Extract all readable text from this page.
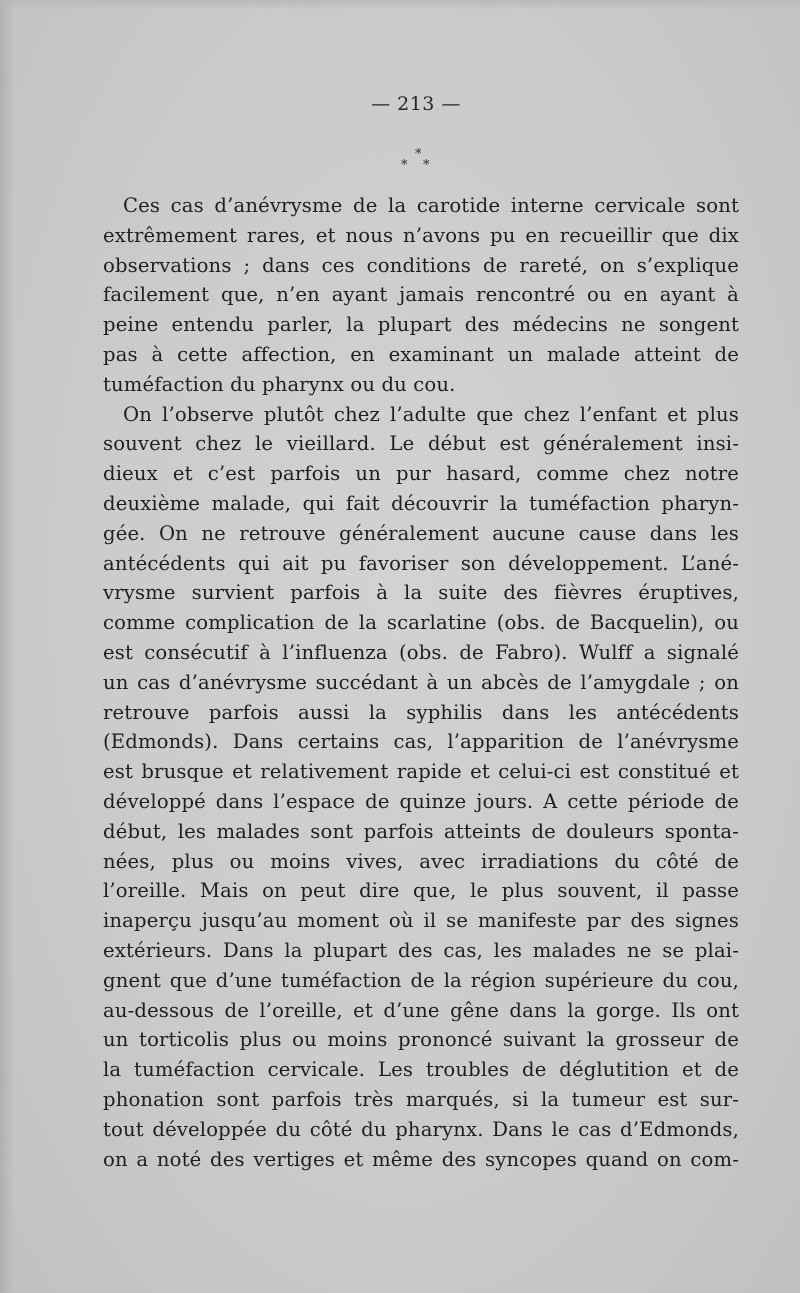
— 213 —
*
* *
Ces cas d’anévrysme de la carotide interne cervicale sont
extrêmement rares, et nous n’avons pu en recueillir que dix
observations ; dans ces conditions de rareté, on s’explique
facilement que, n’en ayant jamais rencontré ou en ayant à
peine entendu parler, la plupart des médecins ne songent
pas à cette affection, en examinant un malade atteint de
tuméfaction du pharynx ou du cou.
On l’observe plutôt chez l’adulte que chez l’enfant et plus
souvent chez le vieillard. Le début est généralement insi-
dieux et c’est parfois un pur hasard, comme chez notre
deuxième malade, qui fait découvrir la tuméfaction pharyn-
gée. On ne retrouve généralement aucune cause dans les
antécédents qui ait pu favoriser son développement. L’ané-
vrysme survient parfois à la suite des fièvres éruptives,
comme complication de la scarlatine (obs. de Bacquelin), ou
est consécutif à l’influenza (obs. de Fabro). Wulff a signalé
un cas d’anévrysme succédant à un abcès de l’amygdale ; on
retrouve parfois aussi la syphilis dans les antécédents
(Edmonds). Dans certains cas, l’apparition de l’anévrysme
est brusque et relativement rapide et celui-ci est constitué et
développé dans l’espace de quinze jours. A cette période de
début, les malades sont parfois atteints de douleurs sponta-
nées, plus ou moins vives, avec irradiations du côté de
l’oreille. Mais on peut dire que, le plus souvent, il passe
inaperçu jusqu’au moment où il se manifeste par des signes
extérieurs. Dans la plupart des cas, les malades ne se plai-
gnent que d’une tuméfaction de la région supérieure du cou,
au-dessous de l’oreille, et d’une gêne dans la gorge. Ils ont
un torticolis plus ou moins prononcé suivant la grosseur de
la tuméfaction cervicale. Les troubles de déglutition et de
phonation sont parfois très marqués, si la tumeur est sur-
tout développée du côté du pharynx. Dans le cas d’Edmonds,
on a noté des vertiges et même des syncopes quand on com-
